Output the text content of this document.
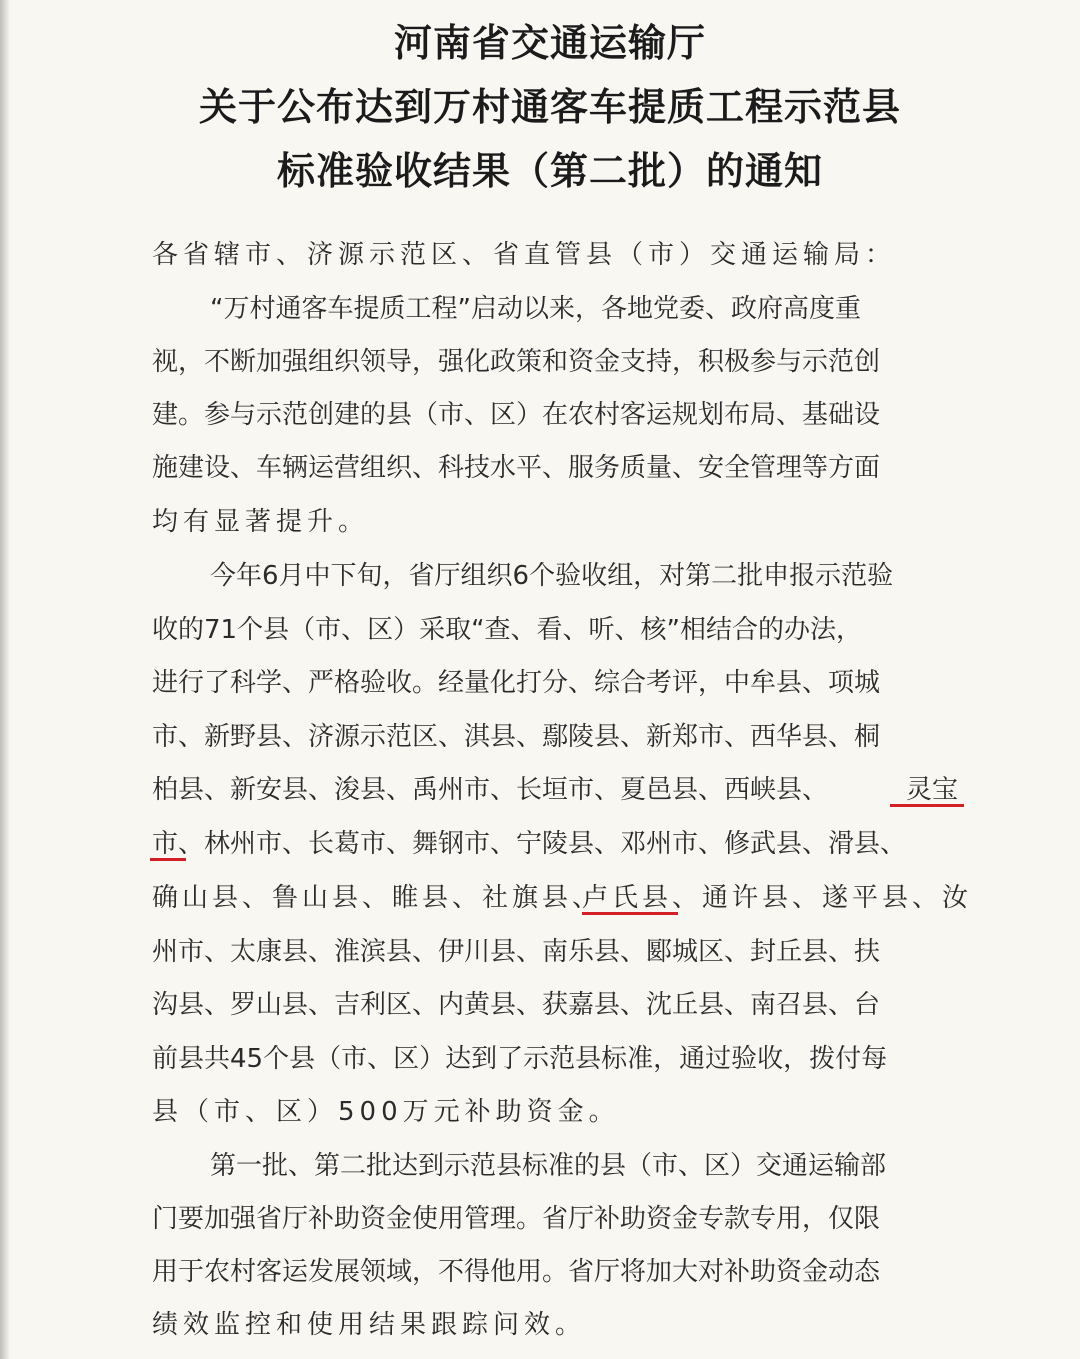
河南省交通运输厅
关于公布达到万村通客车提质工程示范县
标准验收结果（第二批）的通知
各省辖市、济源示范区、省直管县（市）交通运输局：
“万村通客车提质工程”启动以来，各地党委、政府高度重
视，不断加强组织领导，强化政策和资金支持，积极参与示范创
建。参与示范创建的县（市、区）在农村客运规划布局、基础设
施建设、车辆运营组织、科技水平、服务质量、安全管理等方面
均有显著提升。
今年6月中下旬，省厅组织6个验收组，对第二批申报示范验
收的71个县（市、区）采取“查、看、听、核”相结合的办法，
进行了科学、严格验收。经量化打分、综合考评，中牟县、项城
市、新野县、济源示范区、淇县、鄢陵县、新郑市、西华县、桐
柏县、新安县、浚县、禹州市、长垣市、夏邑县、西峡县、	灵宝
市 、林州市、长葛市、舞钢市、宁陵县、邓州市、修武县、滑县、
确山县、鲁山县、睢县、社旗县、
卢氏县 、通许县、遂平县、汝
州市、太康县、淮滨县、伊川县、南乐县、郾城区、封丘县、扶
沟县、罗山县、吉利区、内黄县、获嘉县、沈丘县、南召县、台
前县共45个县（市、区）达到了示范县标准，通过验收，拨付每
县（市、区）500万元补助资金。
第一批、第二批达到示范县标准的县（市、区）交通运输部
门要加强省厅补助资金使用管理。省厅补助资金专款专用，仅限
用于农村客运发展领域，不得他用。省厅将加大对补助资金动态
绩效监控和使用结果跟踪问效。
